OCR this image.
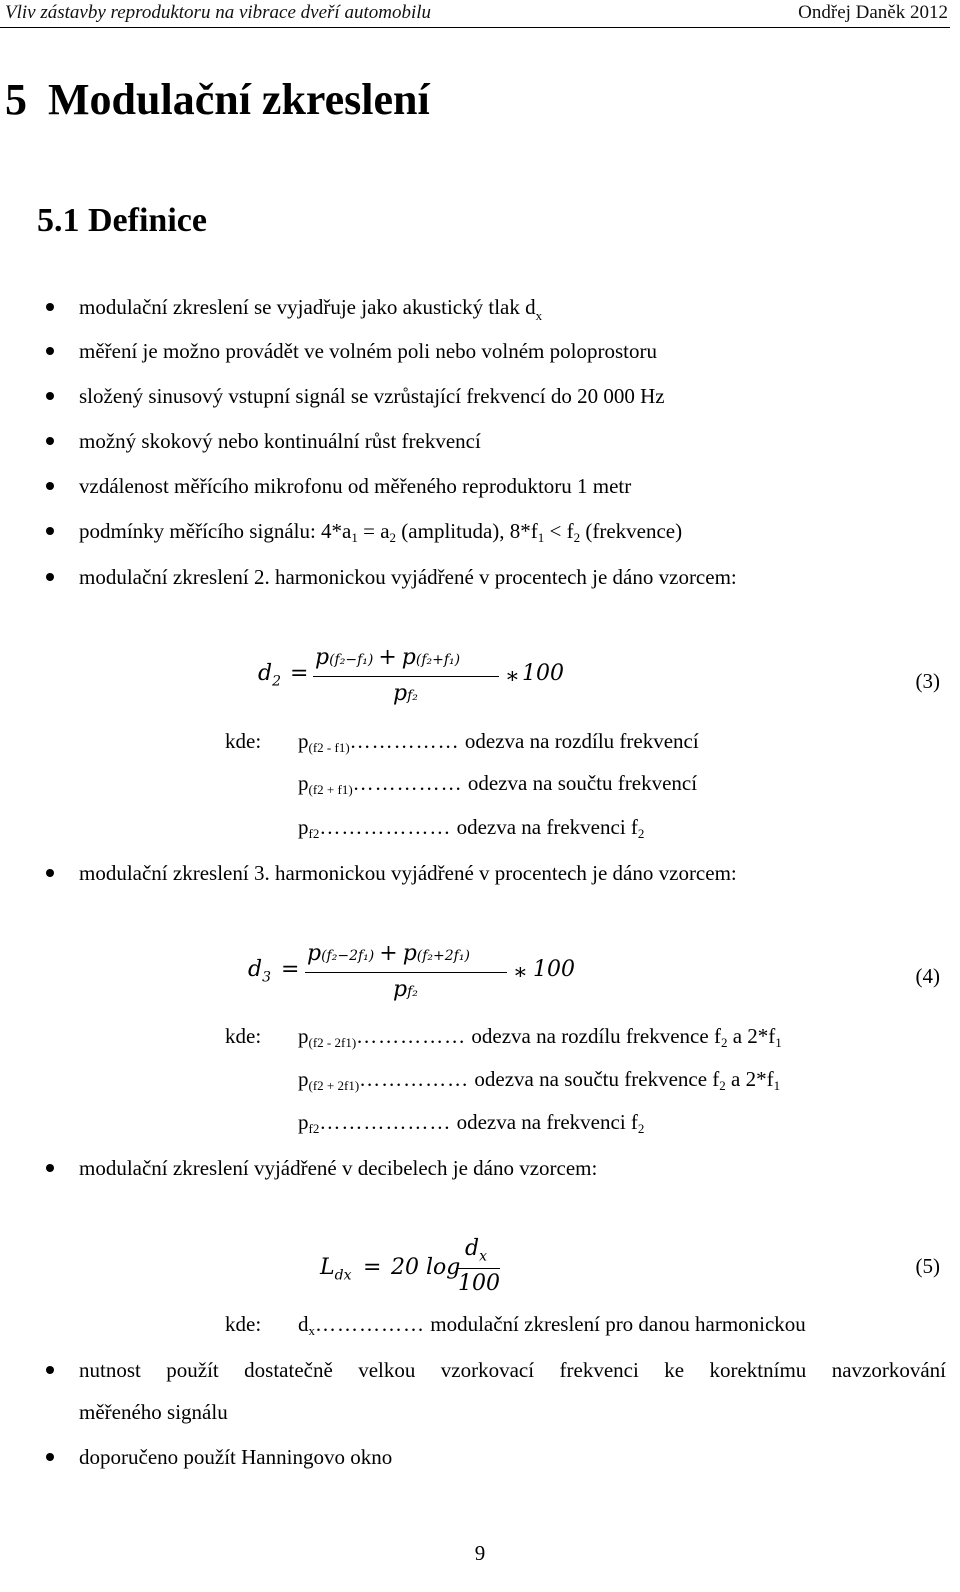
Vliv zástavby reproduktoru na vibrace dveří automobilu	Ondřej Daněk 2012
5 Modulační zkreslení
5.1 Definice
modulační zkreslení se vyjadřuje jako akustický tlak $d_x$
měření je možno provádět ve volném poli nebo volném poloprostoru
složený sinusový vstupní signál se vzrůstající frekvencí do 20 000 Hz
možný skokový nebo kontinuální růst frekvencí
vzdálenost měřícího mikrofonu od měřeného reproduktoru 1 metr
podmínky měřícího signálu: $4*a_1 = a_2$ (amplituda), $8*f_1 < f_2$ (frekvence)
modulační zkreslení 2. harmonickou vyjádřené v procentech je dáno vzorcem:
$d_2$ =
p(f₂−f₁) + p(f₂+f₁)
pf₂
∗ 100	(3)
kde: $p_{(f2 - f1)}\dots\dots\dots\dots\dots$ odezva na rozdílu frekvencí
$p_{(f2 + f1)}\dots\dots\dots\dots\dots$ odezva na součtu frekvencí
$p_{f2}\dots\dots\dots\dots\dots\dots$ odezva na frekvenci $f_2$
modulační zkreslení 3. harmonickou vyjádřené v procentech je dáno vzorcem:
$d_3$ =
p(f₂−2f₁) + p(f₂+2f₁)
pf₂
∗ 100	(4)
kde: $p_{(f2 - 2f1)}\dots\dots\dots\dots\dots$ odezva na rozdílu frekvence $f_2$ a $2*f_1$
$p_{(f2 + 2f1)}\dots\dots\dots\dots\dots$ odezva na součtu frekvence $f_2$ a $2*f_1$
$p_{f2}\dots\dots\dots\dots\dots\dots$ odezva na frekvenci $f_2$
modulační zkreslení vyjádřené v decibelech je dáno vzorcem:
$L_{dx} = 20$ log
$d_x$
100
(5)
kde: $d_x\dots\dots\dots\dots\dots$ modulační zkreslení pro danou harmonickou
nutnost použít dostatečně velkou vzorkovací frekvenci ke korektnímu navzorkování
měřeného signálu
doporučeno použít Hanningovo okno
9
